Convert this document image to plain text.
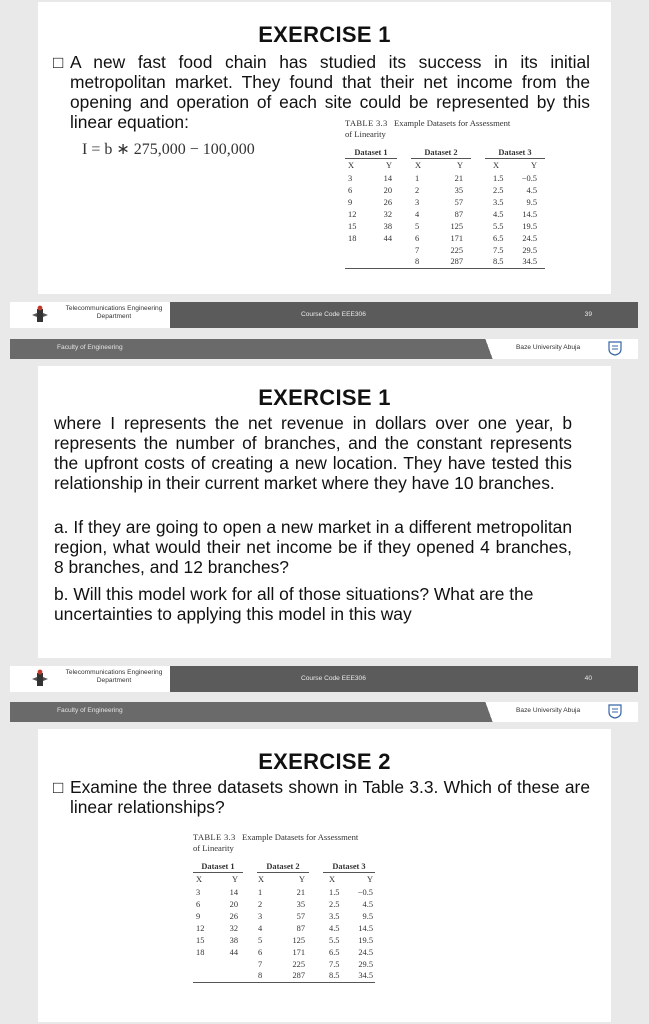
EXERCISE 1
□ A new fast food chain has studied its success in its initial metropolitan market. They found that their net income from the opening and operation of each site could be represented by this linear equation:
I = b ∗ 275,000 − 100,000
TABLE 3.3 Example Datasets for Assessment
of Linearity
Dataset 1			Dataset 2			Dataset 3	
X	Y		X	Y		X	Y
3	14		1	21		1.5	−0.5
6	20		2	35		2.5	4.5
9	26		3	57		3.5	9.5
12	32		4	87		4.5	14.5
15	38		5	125		5.5	19.5
18	44		6	171		6.5	24.5
			7	225		7.5	29.5
			8	287		8.5	34.5

Telecommunications Engineering
Department	Course Code EEE306	39
Faculty of Engineering	Baze University Abuja
EXERCISE 1
where I represents the net revenue in dollars over one year, b represents the number of branches, and the constant represents the upfront costs of creating a new location. They have tested this relationship in their current market where they have 10 branches.
a. If they are going to open a new market in a different metropolitan region, what would their net income be if they opened 4 branches, 8 branches, and 12 branches?
b. Will this model work for all of those situations? What are the uncertainties to applying this model in this way
Telecommunications Engineering
Department	Course Code EEE306	40
Faculty of Engineering	Baze University Abuja
EXERCISE 2
□ Examine the three datasets shown in Table 3.3. Which of these are linear relationships?
TABLE 3.3 Example Datasets for Assessment
of Linearity
Dataset 1			Dataset 2			Dataset 3	
X	Y		X	Y		X	Y
3	14		1	21		1.5	−0.5
6	20		2	35		2.5	4.5
9	26		3	57		3.5	9.5
12	32		4	87		4.5	14.5
15	38		5	125		5.5	19.5
18	44		6	171		6.5	24.5
			7	225		7.5	29.5
			8	287		8.5	34.5
